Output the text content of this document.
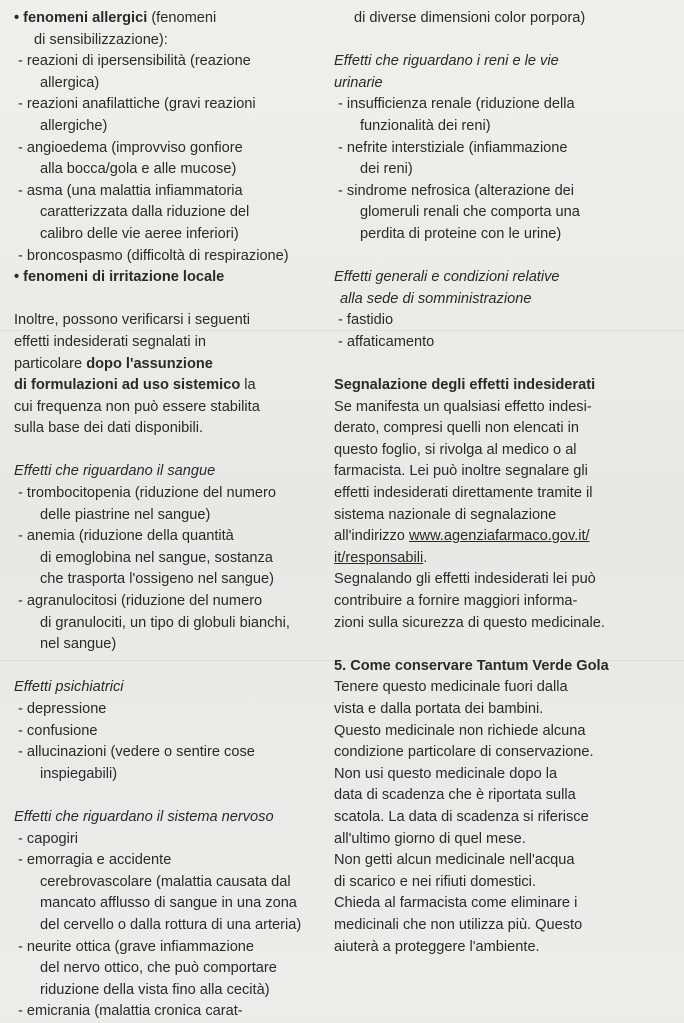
• fenomeni allergici (fenomeni
di sensibilizzazione):
- reazioni di ipersensibilità (reazione
allergica)
- reazioni anafilattiche (gravi reazioni
allergiche)
- angioedema (improvviso gonfiore
alla bocca/gola e alle mucose)
- asma (una malattia infiammatoria
caratterizzata dalla riduzione del
calibro delle vie aeree inferiori)
- broncospasmo (difficoltà di respirazione)
• fenomeni di irritazione locale
Inoltre, possono verificarsi i seguenti
effetti indesiderati segnalati in
particolare dopo l'assunzione
di formulazioni ad uso sistemico la
cui frequenza non può essere stabilita
sulla base dei dati disponibili.
Effetti che riguardano il sangue
- trombocitopenia (riduzione del numero
delle piastrine nel sangue)
- anemia (riduzione della quantità
di emoglobina nel sangue, sostanza
che trasporta l'ossigeno nel sangue)
- agranulocitosi (riduzione del numero
di granulociti, un tipo di globuli bianchi,
nel sangue)
Effetti psichiatrici
- depressione
- confusione
- allucinazioni (vedere o sentire cose
inspiegabili)
Effetti che riguardano il sistema nervoso
- capogiri
- emorragia e accidente
cerebrovascolare (malattia causata dal
mancato afflusso di sangue in una zona
del cervello o dalla rottura di una arteria)
- neurite ottica (grave infiammazione
del nervo ottico, che può comportare
riduzione della vista fino alla cecità)
- emicrania (malattia cronica carat-
di diverse dimensioni color porpora)
Effetti che riguardano i reni e le vie
urinarie
- insufficienza renale (riduzione della
funzionalità dei reni)
- nefrite interstiziale (infiammazione
dei reni)
- sindrome nefrosica (alterazione dei
glomeruli renali che comporta una
perdita di proteine con le urine)
Effetti generali e condizioni relative
alla sede di somministrazione
- fastidio
- affaticamento
Segnalazione degli effetti indesiderati
Se manifesta un qualsiasi effetto indesi-
derato, compresi quelli non elencati in
questo foglio, si rivolga al medico o al
farmacista. Lei può inoltre segnalare gli
effetti indesiderati direttamente tramite il
sistema nazionale di segnalazione
all'indirizzo www.agenziafarmaco.gov.it/
it/responsabili.
Segnalando gli effetti indesiderati lei può
contribuire a fornire maggiori informa-
zioni sulla sicurezza di questo medicinale.
5. Come conservare Tantum Verde Gola
Tenere questo medicinale fuori dalla
vista e dalla portata dei bambini.
Questo medicinale non richiede alcuna
condizione particolare di conservazione.
Non usi questo medicinale dopo la
data di scadenza che è riportata sulla
scatola. La data di scadenza si riferisce
all'ultimo giorno di quel mese.
Non getti alcun medicinale nell'acqua
di scarico e nei rifiuti domestici.
Chieda al farmacista come eliminare i
medicinali che non utilizza più. Questo
aiuterà a proteggere l'ambiente.
